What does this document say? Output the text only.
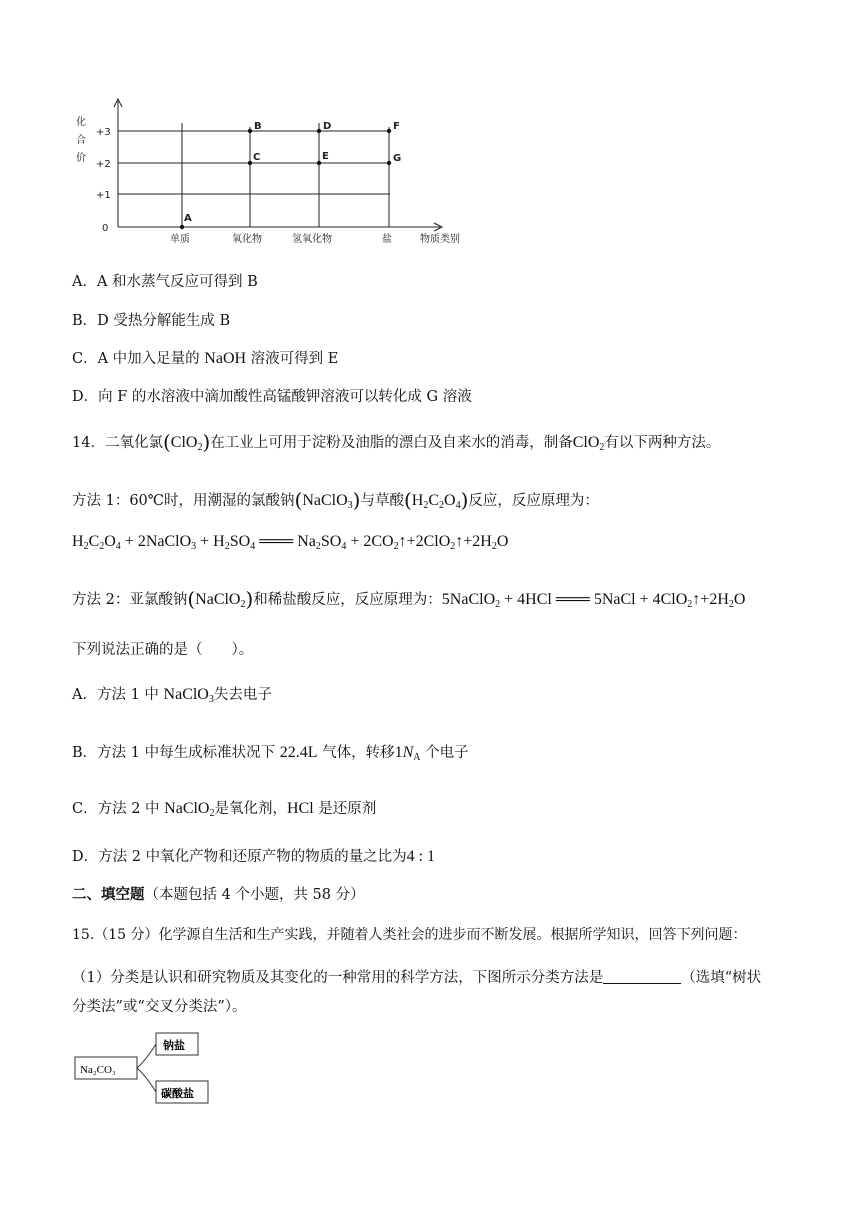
化
合
价
+3
+2
+1
0
单质	氧化物	氢氧化物	盐	物质类别
A
B
C
D
E
F
G
A．A 和水蒸气反应可得到 B
B．D 受热分解能生成 B
C．A 中加入足量的 NaOH 溶液可得到 E
D．向 F 的水溶液中滴加酸性高锰酸钾溶液可以转化成 G 溶液
14．二氧化氯(ClO$_2$)在工业上可用于淀粉及油脂的漂白及自来水的消毒，制备ClO$_2$有以下两种方法。
方法 1：60℃时，用潮湿的氯酸钠(NaClO$_3$)与草酸$(H_2C_2O_4)$反应，反应原理为：
$H_2C_2O_4$ + 2NaClO$_3$ + $H_2SO_4$ ═══ $Na_2SO_4$ + $2CO_2↑+2ClO_2↑+2H_2O$
方法 2：亚氯酸钠(NaClO$_2$)和稀盐酸反应，反应原理为：5NaClO$_2$ + 4HCl ═══ 5NaCl + $4ClO_2↑+2H_2O$
下列说法正确的是（　　）。
A．方法 1 中 NaClO$_3$失去电子
B．方法 1 中每生成标准状况下 22.4L 气体，转移$1N_A$ 个电子
C．方法 2 中 NaClO$_2$是氧化剂，HCl 是还原剂
D．方法 2 中氧化产物和还原产物的物质的量之比为4 : 1
二、填空题（本题包括 4 个小题，共 58 分）
15.（15 分）化学源自生活和生产实践，并随着人类社会的进步而不断发展。根据所学知识，回答下列问题：
（1）分类是认识和研究物质及其变化的一种常用的科学方法，下图所示分类方法是	（选填“树状
分类法”或“交叉分类法”）。
Na₂CO₃
钠盐
碳酸盐
